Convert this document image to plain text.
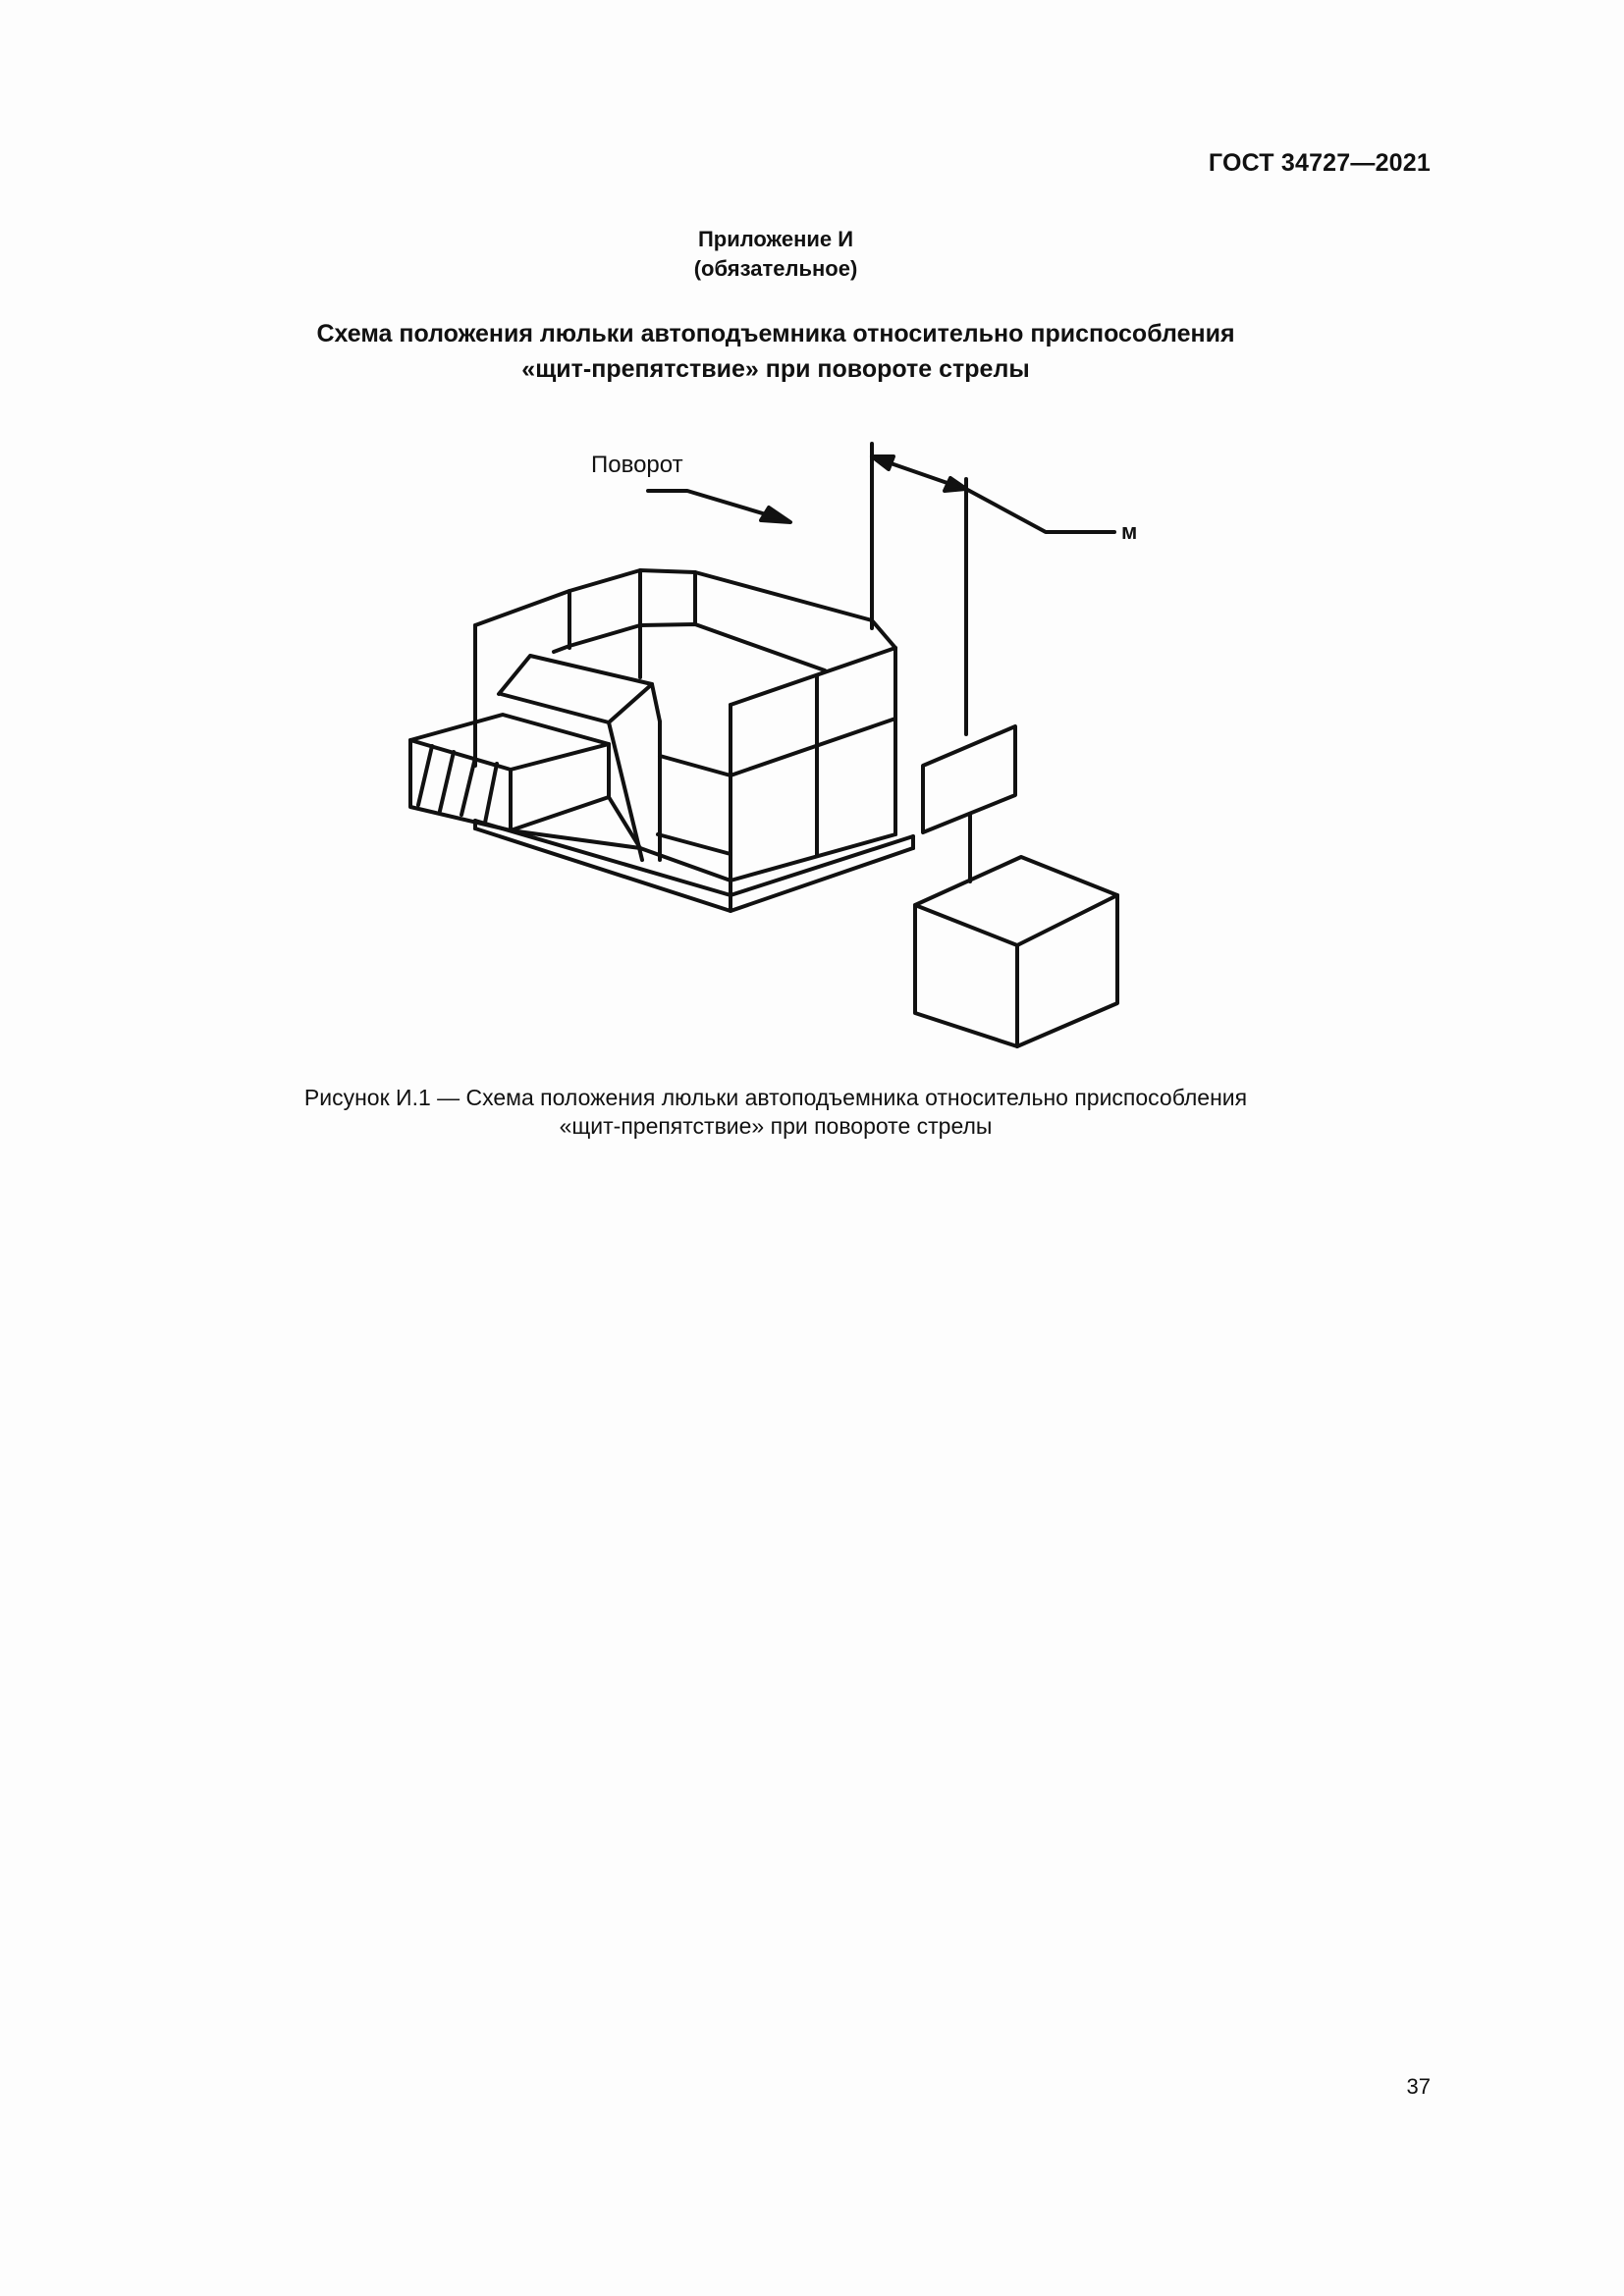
ГОСТ 34727—2021
Приложение И
(обязательное)
Схема положения люльки автоподъемника относительно приспособления
«щит-препятствие» при повороте стрелы
Поворот
м
Рисунок И.1 — Схема положения люльки автоподъемника относительно приспособления
«щит-препятствие» при повороте стрелы
37
